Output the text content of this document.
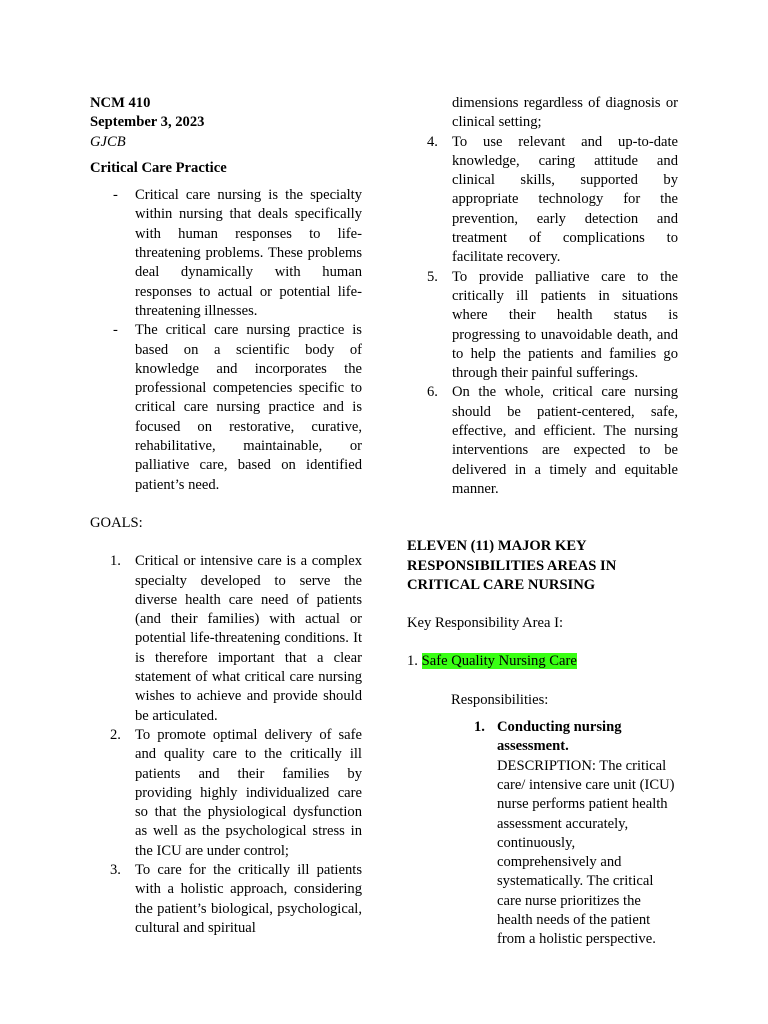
NCM 410
September 3, 2023
GJCB
Critical Care Practice
- Critical care nursing is the specialty within nursing that deals specifically with human responses to life-threatening problems. These problems deal dynamically with human responses to actual or potential life-threatening illnesses.
- The critical care nursing practice is based on a scientific body of knowledge and incorporates the professional competencies specific to critical care nursing practice and is focused on restorative, curative, rehabilitative, maintainable, or palliative care, based on identified patient’s need.
GOALS:
1. Critical or intensive care is a complex specialty developed to serve the diverse health care need of patients (and their families) with actual or potential life-threatening conditions. It is therefore important that a clear statement of what critical care nursing wishes to achieve and provide should be articulated.
2. To promote optimal delivery of safe and quality care to the critically ill patients and their families by providing highly individualized care so that the physiological dysfunction as well as the psychological stress in the ICU are under control;
3. To care for the critically ill patients with a holistic approach, considering the patient’s biological, psychological, cultural and spiritual
dimensions regardless of diagnosis or clinical setting;
4. To use relevant and up-to-date knowledge, caring attitude and clinical skills, supported by appropriate technology for the prevention, early detection and treatment of complications to facilitate recovery.
5. To provide palliative care to the critically ill patients in situations where their health status is progressing to unavoidable death, and to help the patients and families go through their painful sufferings.
6. On the whole, critical care nursing should be patient-centered, safe, effective, and efficient. The nursing interventions are expected to be delivered in a timely and equitable manner.
ELEVEN (11) MAJOR KEY RESPONSIBILITIES AREAS IN CRITICAL CARE NURSING
Key Responsibility Area I:
1. Safe Quality Nursing Care
Responsibilities:
1. Conducting nursing assessment.
DESCRIPTION: The critical care/ intensive care unit (ICU) nurse performs patient health assessment accurately, continuously, comprehensively and systematically. The critical care nurse prioritizes the health needs of the patient from a holistic perspective.
